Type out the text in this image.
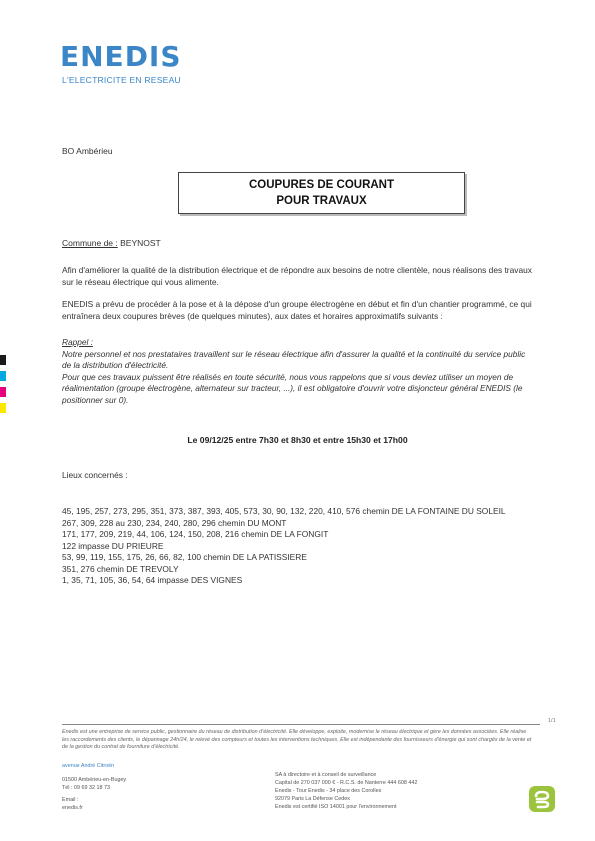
ENEDIS
L'ELECTRICITE EN RESEAU
BO Ambérieu
COUPURES DE COURANT
POUR TRAVAUX
Commune de : BEYNOST
Afin d'améliorer la qualité de la distribution électrique et de répondre aux besoins de notre clientèle, nous réalisons des travaux sur le réseau électrique qui vous alimente.
ENEDIS a prévu de procéder à la pose et à la dépose d'un groupe électrogène en début et fin d'un chantier programmé, ce qui entraînera deux coupures brèves (de quelques minutes), aux dates et horaires approximatifs suivants :
Rappel :
Notre personnel et nos prestataires travaillent sur le réseau électrique afin d'assurer la qualité et la continuité du service public de la distribution d'électricité.
Pour que ces travaux puissent être réalisés en toute sécurité, nous vous rappelons que si vous deviez utiliser un moyen de réalimentation (groupe électrogène, alternateur sur tracteur, ...), il est obligatoire d'ouvrir votre disjoncteur général ENEDIS (le positionner sur 0).
Le 09/12/25 entre 7h30 et 8h30 et entre 15h30 et 17h00
Lieux concernés :
45, 195, 257, 273, 295, 351, 373, 387, 393, 405, 573, 30, 90, 132, 220, 410, 576 chemin DE LA FONTAINE DU SOLEIL
267, 309, 228 au 230, 234, 240, 280, 296 chemin DU MONT
171, 177, 209, 219, 44, 106, 124, 150, 208, 216 chemin DE LA FONGIT
122 impasse DU PRIEURE
53, 99, 119, 155, 175, 26, 66, 82, 100 chemin DE LA PATISSIERE
351, 276 chemin DE TREVOLY
1, 35, 71, 105, 36, 54, 64 impasse DES VIGNES
1/1
Enedis est une entreprise de service public, gestionnaire du réseau de distribution d'électricité. Elle développe, exploite, modernise le réseau électrique et gère les données associées. Elle réalise les raccordements des clients, le dépannage 24h/24, le relevé des compteurs et toutes les interventions techniques. Elle est indépendante des fournisseurs d'énergie qui sont chargés de la vente et de la gestion du contrat de fourniture d'électricité.
avenue André Citroën
01500 Ambérieu-en-Bugey
Tél : 09 69 32 18 73
Email :
enedis.fr
SA à directoire et à conseil de surveillance
Capital de 270 037 000 € - R.C.S. de Nanterre 444 608 442
Enedis - Tour Enedis - 34 place des Corolles
92079 Paris La Défense Cedex
Enedis est certifié ISO 14001 pour l'environnement
